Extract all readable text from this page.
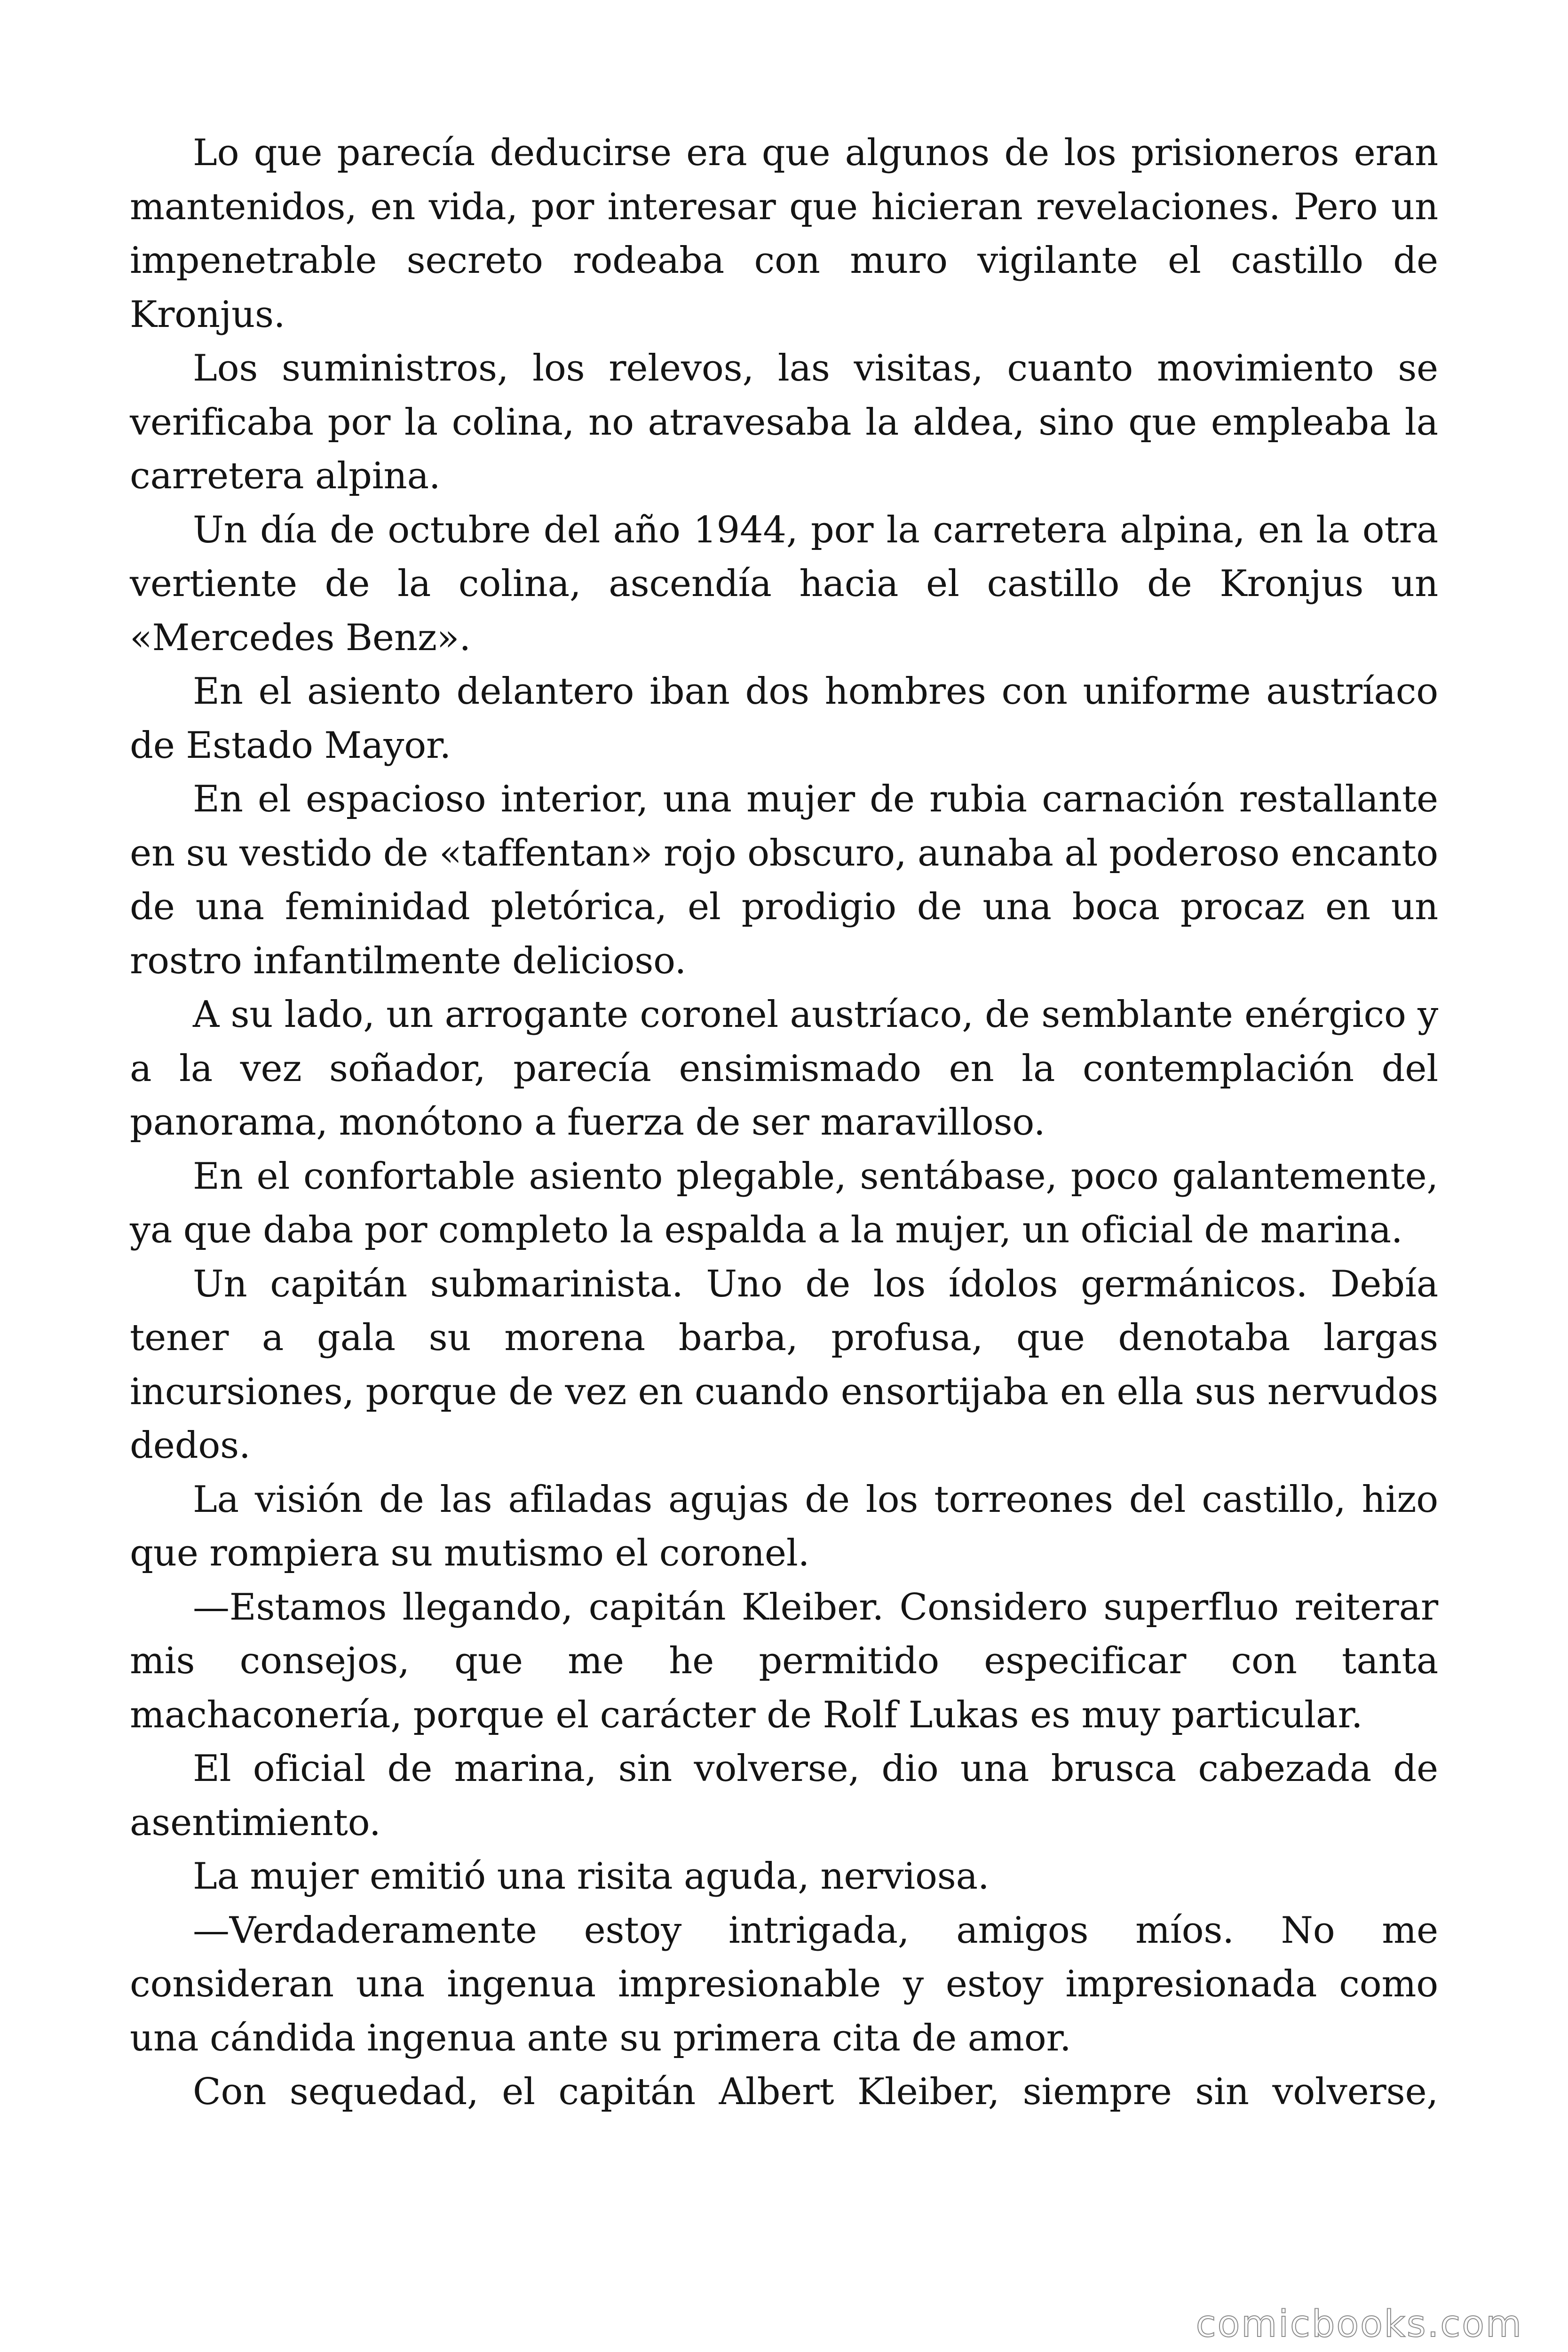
Lo que parecía deducirse era que algunos de los prisioneros eran mantenidos, en vida, por interesar que hicieran revelaciones. Pero un impenetrable secreto rodeaba con muro vigilante el castillo de Kronjus.

Los suministros, los relevos, las visitas, cuanto movimiento se verificaba por la colina, no atravesaba la aldea, sino que empleaba la carretera alpina.

Un día de octubre del año 1944, por la carretera alpina, en la otra vertiente de la colina, ascendía hacia el castillo de Kronjus un «Mercedes Benz».

En el asiento delantero iban dos hombres con uniforme austríaco de Estado Mayor.

En el espacioso interior, una mujer de rubia carnación restallante en su vestido de «taffentan» rojo obscuro, aunaba al poderoso encanto de una feminidad pletórica, el prodigio de una boca procaz en un rostro infantilmente delicioso.

A su lado, un arrogante coronel austríaco, de semblante enérgico y a la vez soñador, parecía ensimismado en la contemplación del panorama, monótono a fuerza de ser maravilloso.

En el confortable asiento plegable, sentábase, poco galantemente, ya que daba por completo la espalda a la mujer, un oficial de marina.

Un capitán submarinista. Uno de los ídolos germánicos. Debía tener a gala su morena barba, profusa, que denotaba largas incursiones, porque de vez en cuando ensortijaba en ella sus nervudos dedos.

La visión de las afiladas agujas de los torreones del castillo, hizo que rompiera su mutismo el coronel.

—Estamos llegando, capitán Kleiber. Considero superfluo reiterar mis consejos, que me he permitido especificar con tanta machaconería, porque el carácter de Rolf Lukas es muy particular.

El oficial de marina, sin volverse, dio una brusca cabezada de asentimiento.

La mujer emitió una risita aguda, nerviosa.

—Verdaderamente estoy intrigada, amigos míos. No me consideran una ingenua impresionable y estoy impresionada como una cándida ingenua ante su primera cita de amor.

Con sequedad, el capitán Albert Kleiber, siempre sin volverse,

comicbooks.com
